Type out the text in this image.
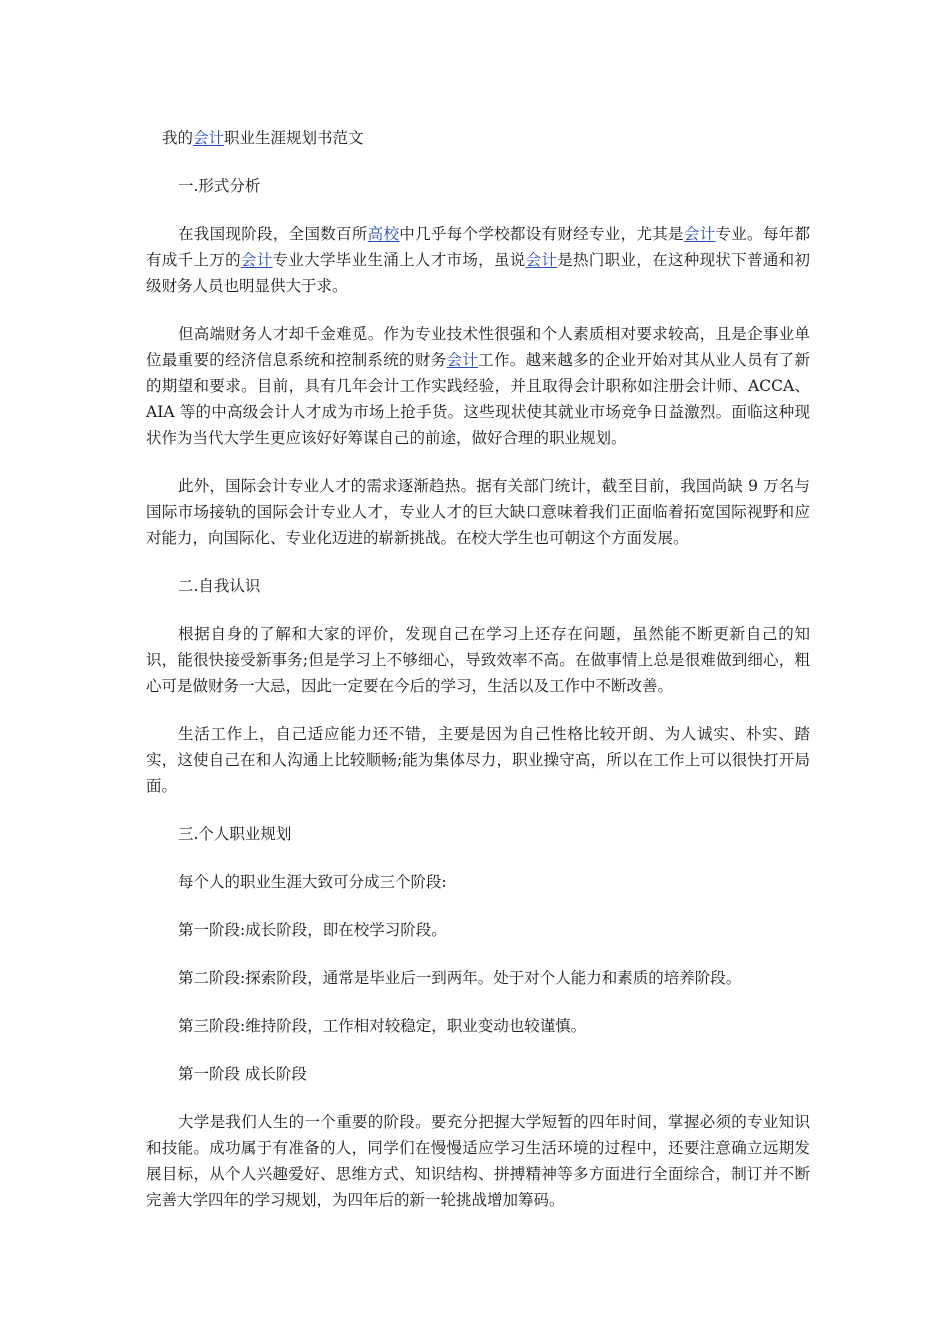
我的会计职业生涯规划书范文

一.形式分析

在我国现阶段，全国数百所高校中几乎每个学校都设有财经专业，尤其是会计专业。每年都有成千上万的会计专业大学毕业生涌上人才市场，虽说会计是热门职业，在这种现状下普通和初级财务人员也明显供大于求。

但高端财务人才却千金难觅。作为专业技术性很强和个人素质相对要求较高，且是企事业单位最重要的经济信息系统和控制系统的财务会计工作。越来越多的企业开始对其从业人员有了新的期望和要求。目前，具有几年会计工作实践经验，并且取得会计职称如注册会计师、ACCA、AIA 等的中高级会计人才成为市场上抢手货。这些现状使其就业市场竞争日益激烈。面临这种现状作为当代大学生更应该好好筹谋自己的前途，做好合理的职业规划。

此外，国际会计专业人才的需求逐渐趋热。据有关部门统计，截至目前，我国尚缺 9 万名与国际市场接轨的国际会计专业人才，专业人才的巨大缺口意味着我们正面临着拓宽国际视野和应对能力，向国际化、专业化迈进的崭新挑战。在校大学生也可朝这个方面发展。

二.自我认识

根据自身的了解和大家的评价，发现自己在学习上还存在问题，虽然能不断更新自己的知识，能很快接受新事务;但是学习上不够细心，导致效率不高。在做事情上总是很难做到细心，粗心可是做财务一大忌，因此一定要在今后的学习，生活以及工作中不断改善。

生活工作上，自己适应能力还不错，主要是因为自己性格比较开朗、为人诚实、朴实、踏实，这使自己在和人沟通上比较顺畅;能为集体尽力，职业操守高，所以在工作上可以很快打开局面。

三.个人职业规划

每个人的职业生涯大致可分成三个阶段:

第一阶段:成长阶段，即在校学习阶段。

第二阶段:探索阶段，通常是毕业后一到两年。处于对个人能力和素质的培养阶段。

第三阶段:维持阶段，工作相对较稳定，职业变动也较谨慎。

第一阶段 成长阶段

大学是我们人生的一个重要的阶段。要充分把握大学短暂的四年时间，掌握必须的专业知识和技能。成功属于有准备的人，同学们在慢慢适应学习生活环境的过程中，还要注意确立远期发展目标，从个人兴趣爱好、思维方式、知识结构、拼搏精神等多方面进行全面综合，制订并不断完善大学四年的学习规划，为四年后的新一轮挑战增加筹码。
